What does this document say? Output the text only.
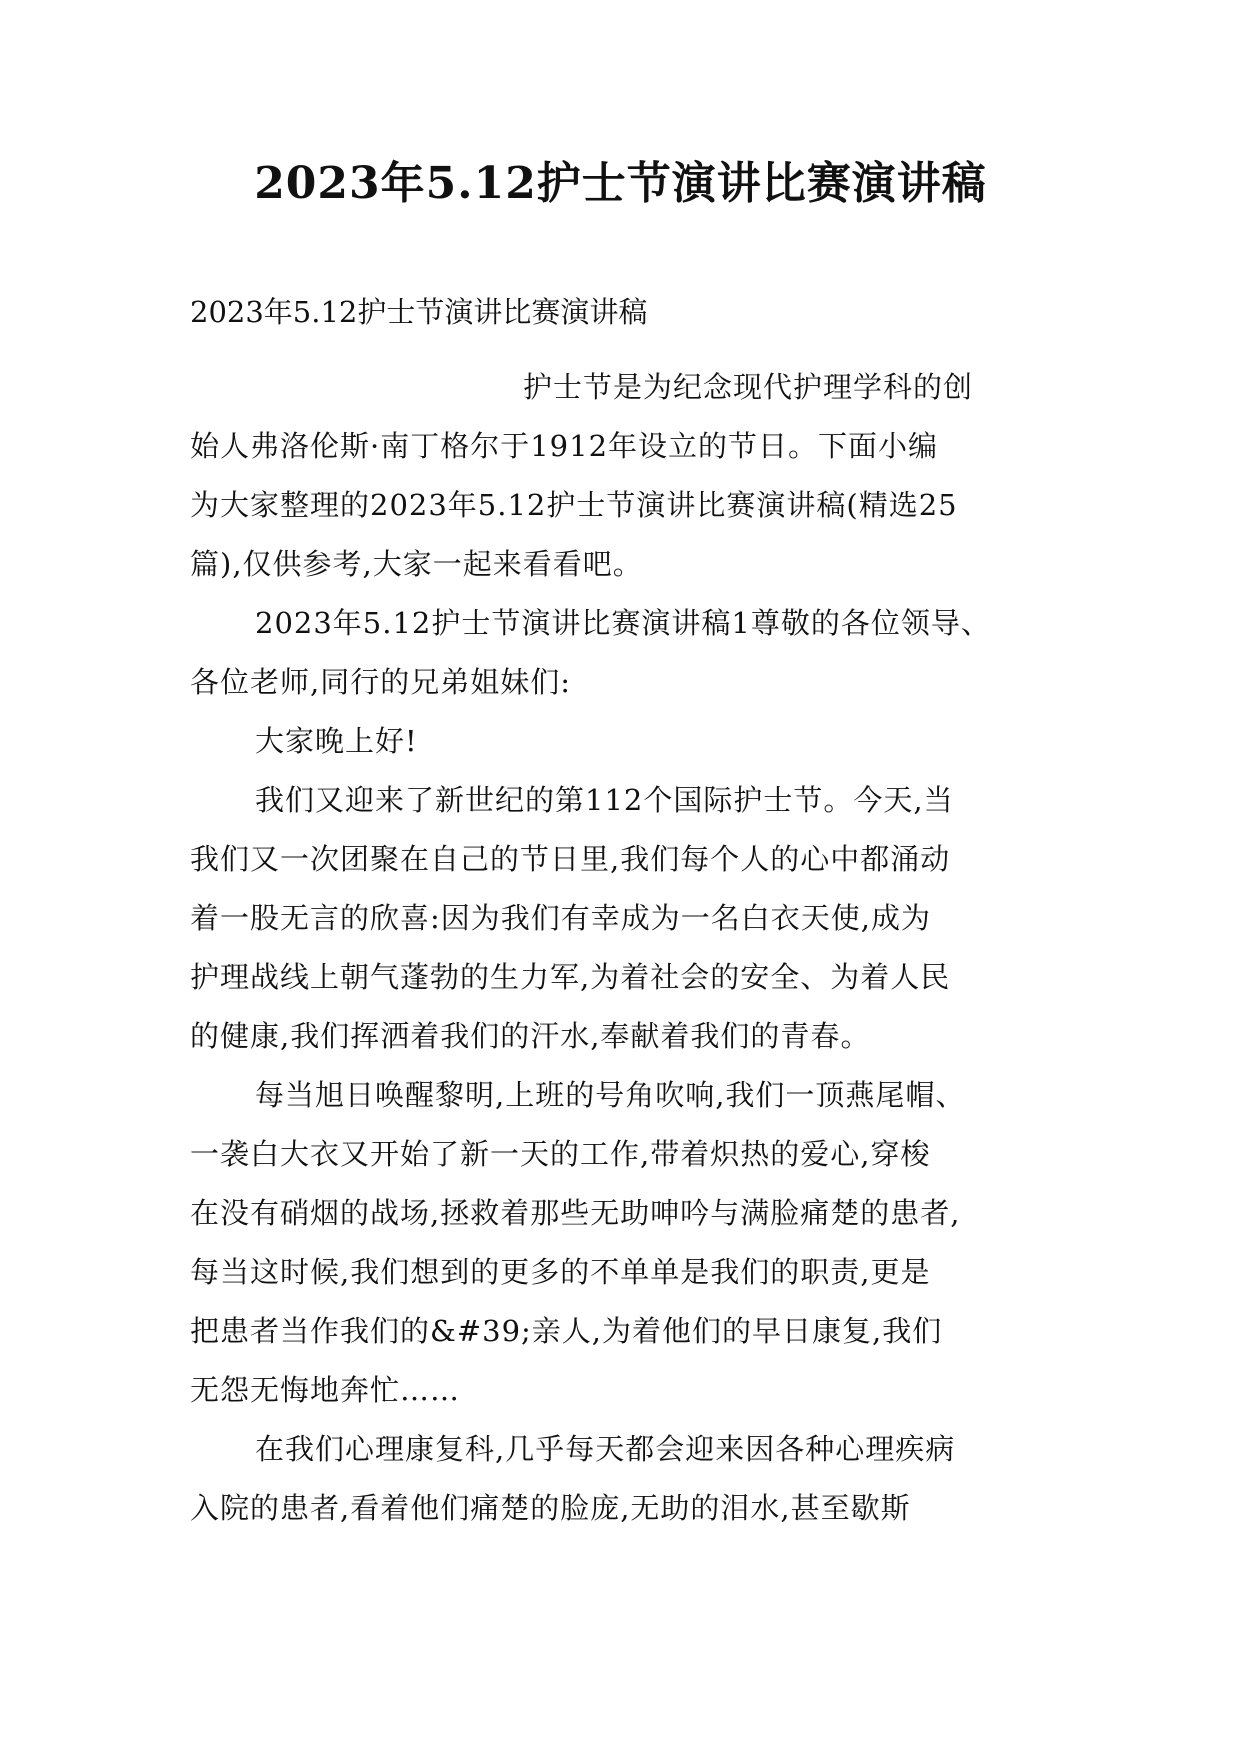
2023年5.12护士节演讲比赛演讲稿
2023年5.12护士节演讲比赛演讲稿
护士节是为纪念现代护理学科的创
始人弗洛伦斯·南丁格尔于1912年设立的节日。下面小编
为大家整理的2023年5.12护士节演讲比赛演讲稿(精选25
篇),仅供参考,大家一起来看看吧。
2023年5.12护士节演讲比赛演讲稿1尊敬的各位领导、
各位老师,同行的兄弟姐妹们:
大家晚上好!
我们又迎来了新世纪的第112个国际护士节。今天,当
我们又一次团聚在自己的节日里,我们每个人的心中都涌动
着一股无言的欣喜:因为我们有幸成为一名白衣天使,成为
护理战线上朝气蓬勃的生力军,为着社会的安全、为着人民
的健康,我们挥洒着我们的汗水,奉献着我们的青春。
每当旭日唤醒黎明,上班的号角吹响,我们一顶燕尾帽、
一袭白大衣又开始了新一天的工作,带着炽热的爱心,穿梭
在没有硝烟的战场,拯救着那些无助呻吟与满脸痛楚的患者,
每当这时候,我们想到的更多的不单单是我们的职责,更是
把患者当作我们的&#39;亲人,为着他们的早日康复,我们
无怨无悔地奔忙……
在我们心理康复科,几乎每天都会迎来因各种心理疾病
入院的患者,看着他们痛楚的脸庞,无助的泪水,甚至歇斯
